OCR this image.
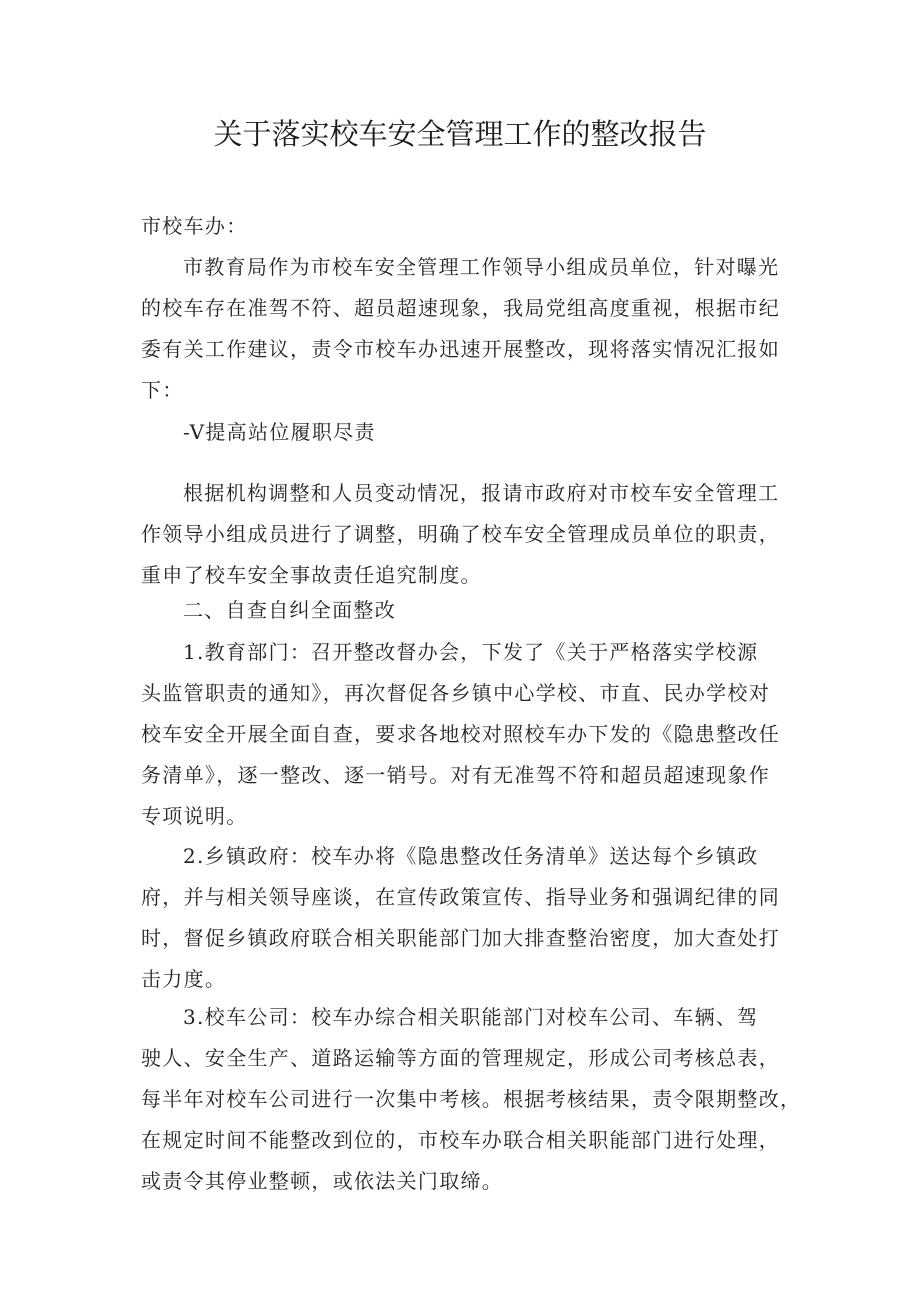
关于落实校车安全管理工作的整改报告
市校车办：
市教育局作为市校车安全管理工作领导小组成员单位，针对曝光
的校车存在准驾不符、超员超速现象，我局党组高度重视，根据市纪
委有关工作建议，责令市校车办迅速开展整改，现将落实情况汇报如
下：
-V提高站位履职尽责
根据机构调整和人员变动情况，报请市政府对市校车安全管理工
作领导小组成员进行了调整，明确了校车安全管理成员单位的职责，
重申了校车安全事故责任追究制度。
二、自查自纠全面整改
1.教育部门：召开整改督办会，下发了《关于严格落实学校源
头监管职责的通知》，再次督促各乡镇中心学校、市直、民办学校对
校车安全开展全面自查，要求各地校对照校车办下发的《隐患整改任
务清单》，逐一整改、逐一销号。对有无准驾不符和超员超速现象作
专项说明。
2.乡镇政府：校车办将《隐患整改任务清单》送达每个乡镇政
府，并与相关领导座谈，在宣传政策宣传、指导业务和强调纪律的同
时，督促乡镇政府联合相关职能部门加大排查整治密度，加大查处打
击力度。
3.校车公司：校车办综合相关职能部门对校车公司、车辆、驾
驶人、安全生产、道路运输等方面的管理规定，形成公司考核总表，
每半年对校车公司进行一次集中考核。根据考核结果，责令限期整改，
在规定时间不能整改到位的，市校车办联合相关职能部门进行处理，
或责令其停业整顿，或依法关门取缔。
